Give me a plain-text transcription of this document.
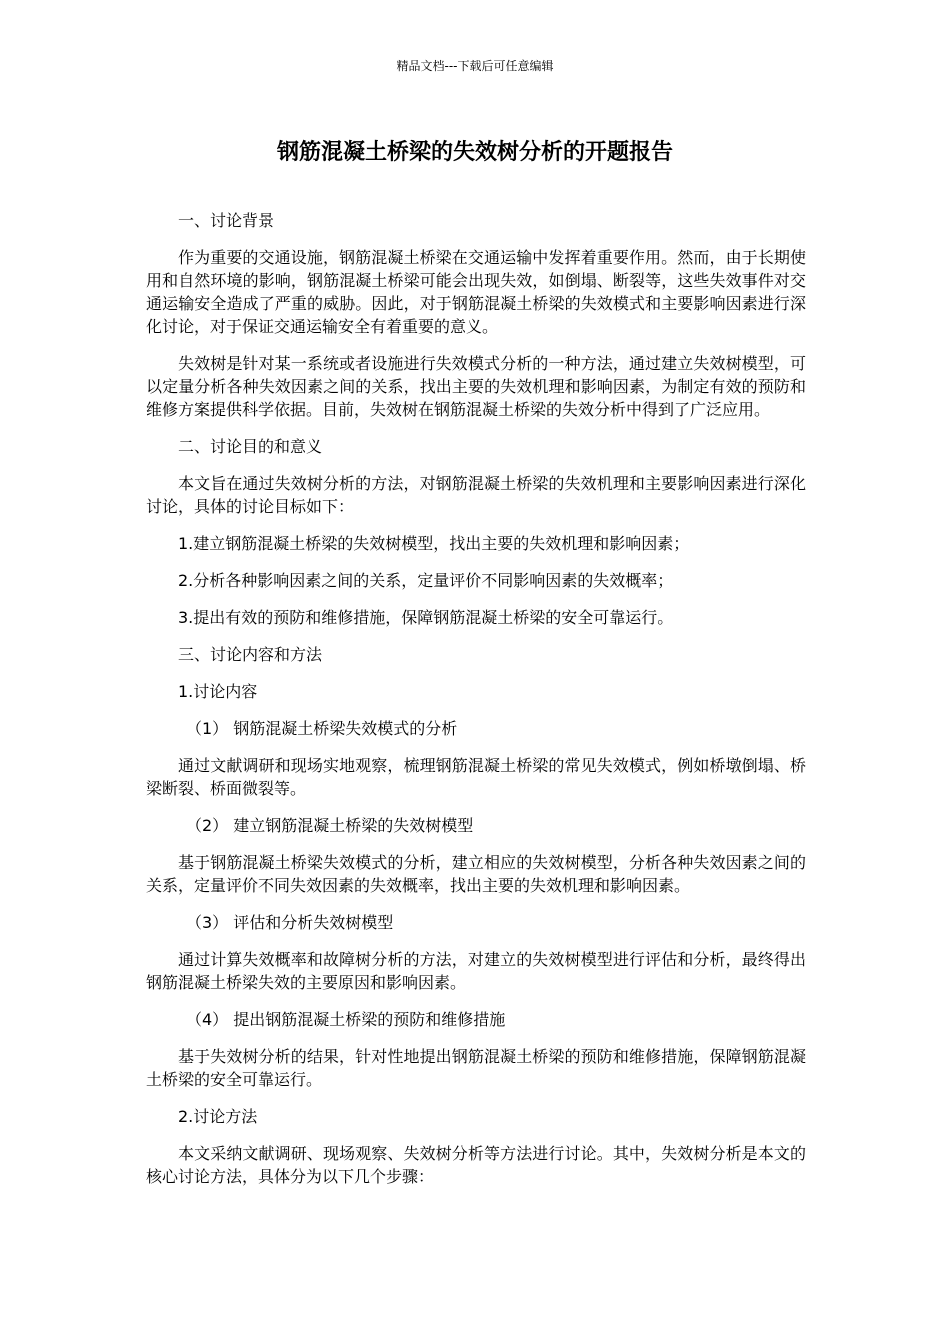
精品文档---下载后可任意编辑
钢筋混凝土桥梁的失效树分析的开题报告

一、讨论背景

作为重要的交通设施，钢筋混凝土桥梁在交通运输中发挥着重要作用。然而，由于长期使用和自然环境的影响，钢筋混凝土桥梁可能会出现失效，如倒塌、断裂等，这些失效事件对交通运输安全造成了严重的威胁。因此，对于钢筋混凝土桥梁的失效模式和主要影响因素进行深化讨论，对于保证交通运输安全有着重要的意义。

失效树是针对某一系统或者设施进行失效模式分析的一种方法，通过建立失效树模型，可以定量分析各种失效因素之间的关系，找出主要的失效机理和影响因素，为制定有效的预防和维修方案提供科学依据。目前，失效树在钢筋混凝土桥梁的失效分析中得到了广泛应用。

二、讨论目的和意义

本文旨在通过失效树分析的方法，对钢筋混凝土桥梁的失效机理和主要影响因素进行深化讨论，具体的讨论目标如下：

1.建立钢筋混凝土桥梁的失效树模型，找出主要的失效机理和影响因素；

2.分析各种影响因素之间的关系，定量评价不同影响因素的失效概率；

3.提出有效的预防和维修措施，保障钢筋混凝土桥梁的安全可靠运行。

三、讨论内容和方法

1.讨论内容

（1） 钢筋混凝土桥梁失效模式的分析

通过文献调研和现场实地观察，梳理钢筋混凝土桥梁的常见失效模式，例如桥墩倒塌、桥梁断裂、桥面微裂等。

（2） 建立钢筋混凝土桥梁的失效树模型

基于钢筋混凝土桥梁失效模式的分析，建立相应的失效树模型，分析各种失效因素之间的关系，定量评价不同失效因素的失效概率，找出主要的失效机理和影响因素。

（3） 评估和分析失效树模型

通过计算失效概率和故障树分析的方法，对建立的失效树模型进行评估和分析，最终得出钢筋混凝土桥梁失效的主要原因和影响因素。

（4） 提出钢筋混凝土桥梁的预防和维修措施

基于失效树分析的结果，针对性地提出钢筋混凝土桥梁的预防和维修措施，保障钢筋混凝土桥梁的安全可靠运行。

2.讨论方法

本文采纳文献调研、现场观察、失效树分析等方法进行讨论。其中，失效树分析是本文的核心讨论方法，具体分为以下几个步骤：
